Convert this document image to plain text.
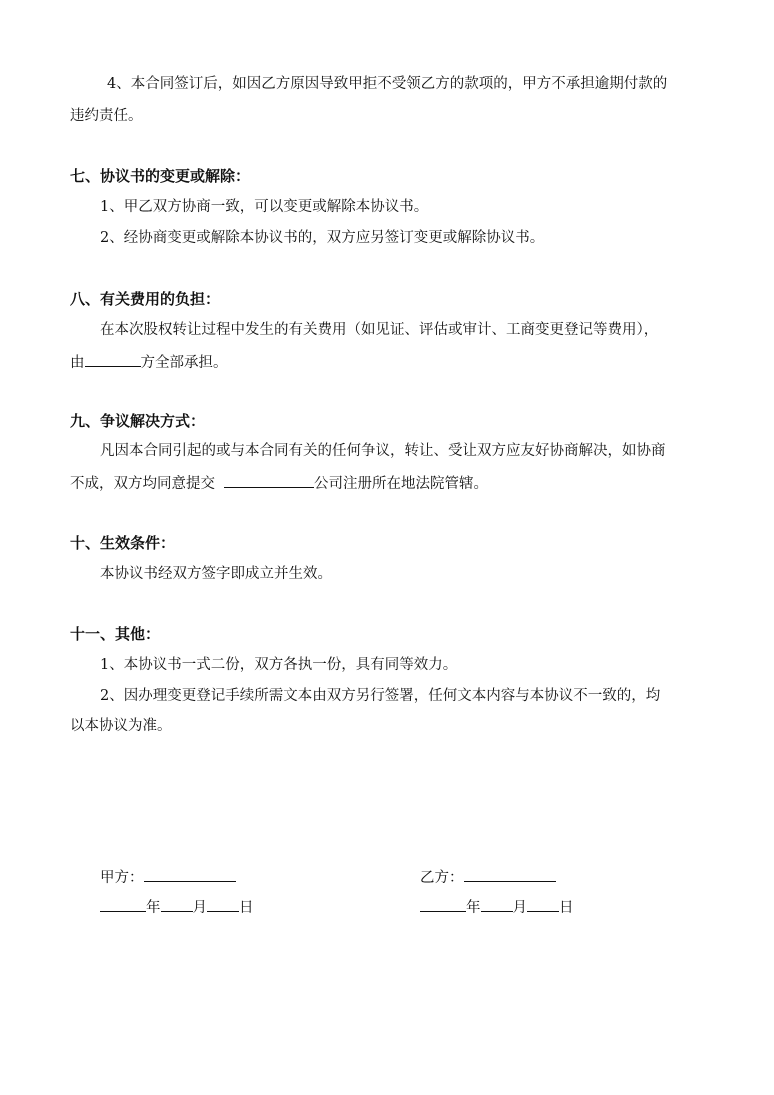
4、本合同签订后，如因乙方原因导致甲拒不受领乙方的款项的，甲方不承担逾期付款的
违约责任。
七、协议书的变更或解除：
1、甲乙双方协商一致，可以变更或解除本协议书。
2、经协商变更或解除本协议书的，双方应另签订变更或解除协议书。
八、有关费用的负担：
在本次股权转让过程中发生的有关费用（如见证、评估或审计、工商变更登记等费用），
由	方全部承担。
九、争议解决方式：
凡因本合同引起的或与本合同有关的任何争议，转让、受让双方应友好协商解决，如协商
不成，双方均同意提交	公司注册所在地法院管辖。
十、生效条件：
本协议书经双方签字即成立并生效。
十一、其他：
1、本协议书一式二份，双方各执一份，具有同等效力。
2、因办理变更登记手续所需文本由双方另行签署，任何文本内容与本协议不一致的，均
以本协议为准。
甲方：
年 月 日
乙方：
年 月 日
